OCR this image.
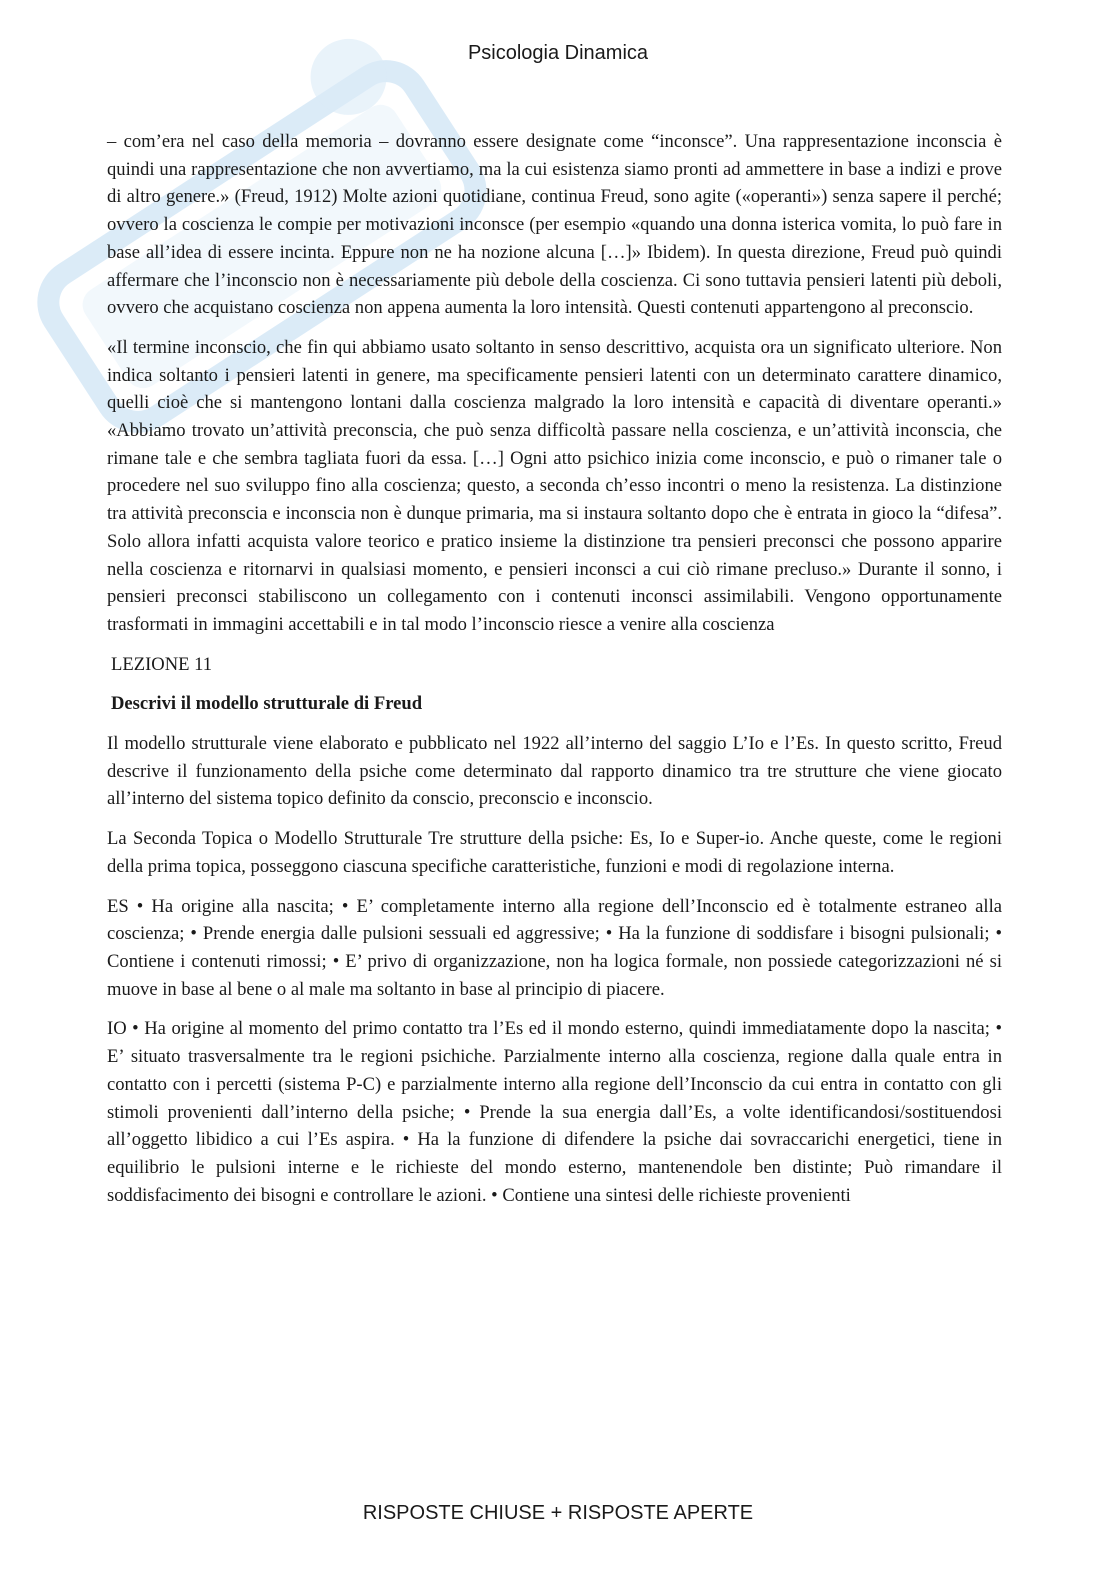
Psicologia Dinamica

– com’era nel caso della memoria – dovranno essere designate come “inconsce”. Una rappresentazione inconscia è quindi una rappresentazione che non avvertiamo, ma la cui esistenza siamo pronti ad ammettere in base a indizi e prove di altro genere.» (Freud, 1912) Molte azioni quotidiane, continua Freud, sono agite («operanti») senza sapere il perché; ovvero la coscienza le compie per motivazioni inconsce (per esempio «quando una donna isterica vomita, lo può fare in base all’idea di essere incinta. Eppure non ne ha nozione alcuna […]» Ibidem). In questa direzione, Freud può quindi affermare che l’inconscio non è necessariamente più debole della coscienza. Ci sono tuttavia pensieri latenti più deboli, ovvero che acquistano coscienza non appena aumenta la loro intensità. Questi contenuti appartengono al preconscio.

«Il termine inconscio, che fin qui abbiamo usato soltanto in senso descrittivo, acquista ora un significato ulteriore. Non indica soltanto i pensieri latenti in genere, ma specificamente pensieri latenti con un determinato carattere dinamico, quelli cioè che si mantengono lontani dalla coscienza malgrado la loro intensità e capacità di diventare operanti.» «Abbiamo trovato un’attività preconscia, che può senza difficoltà passare nella coscienza, e un’attività inconscia, che rimane tale e che sembra tagliata fuori da essa. […] Ogni atto psichico inizia come inconscio, e può o rimaner tale o procedere nel suo sviluppo fino alla coscienza; questo, a seconda ch’esso incontri o meno la resistenza. La distinzione tra attività preconscia e inconscia non è dunque primaria, ma si instaura soltanto dopo che è entrata in gioco la “difesa”. Solo allora infatti acquista valore teorico e pratico insieme la distinzione tra pensieri preconsci che possono apparire nella coscienza e ritornarvi in qualsiasi momento, e pensieri inconsci a cui ciò rimane precluso.» Durante il sonno, i pensieri preconsci stabiliscono un collegamento con i contenuti inconsci assimilabili. Vengono opportunamente trasformati in immagini accettabili e in tal modo l’inconscio riesce a venire alla coscienza

LEZIONE 11
Descrivi il modello strutturale di Freud

Il modello strutturale viene elaborato e pubblicato nel 1922 all’interno del saggio L’Io e l’Es. In questo scritto, Freud descrive il funzionamento della psiche come determinato dal rapporto dinamico tra tre strutture che viene giocato all’interno del sistema topico definito da conscio, preconscio e inconscio.

La Seconda Topica o Modello Strutturale Tre strutture della psiche: Es, Io e Super-io. Anche queste, come le regioni della prima topica, posseggono ciascuna specifiche caratteristiche, funzioni e modi di regolazione interna.

ES • Ha origine alla nascita; • E’ completamente interno alla regione dell’Inconscio ed è totalmente estraneo alla coscienza; • Prende energia dalle pulsioni sessuali ed aggressive; • Ha la funzione di soddisfare i bisogni pulsionali; • Contiene i contenuti rimossi; • E’ privo di organizzazione, non ha logica formale, non possiede categorizzazioni né si muove in base al bene o al male ma soltanto in base al principio di piacere.

IO • Ha origine al momento del primo contatto tra l’Es ed il mondo esterno, quindi immediatamente dopo la nascita; • E’ situato trasversalmente tra le regioni psichiche. Parzialmente interno alla coscienza, regione dalla quale entra in contatto con i percetti (sistema P-C) e parzialmente interno alla regione dell’Inconscio da cui entra in contatto con gli stimoli provenienti dall’interno della psiche; • Prende la sua energia dall’Es, a volte identificandosi/sostituendosi all’oggetto libidico a cui l’Es aspira. • Ha la funzione di difendere la psiche dai sovraccarichi energetici, tiene in equilibrio le pulsioni interne e le richieste del mondo esterno, mantenendole ben distinte; Può rimandare il soddisfacimento dei bisogni e controllare le azioni. • Contiene una sintesi delle richieste provenienti

RISPOSTE CHIUSE + RISPOSTE APERTE
